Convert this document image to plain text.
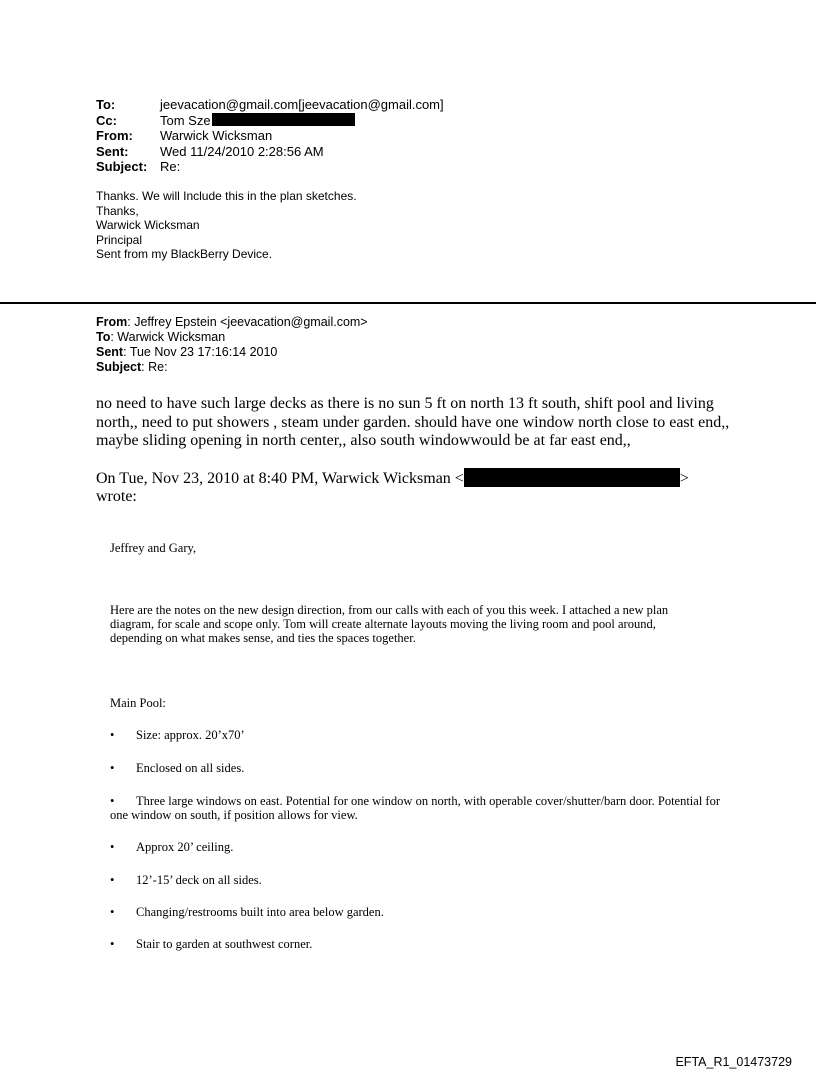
To:	jeevacation@gmail.com[jeevacation@gmail.com]
Cc:	Tom Sze
From:	Warwick Wicksman
Sent:	Wed 11/24/2010 2:28:56 AM
Subject: Re:
Thanks. We will Include this in the plan sketches.
Thanks,
Warwick Wicksman
Principal
Sent from my BlackBerry Device.
From: Jeffrey Epstein <jeevacation@gmail.com>
To: Warwick Wicksman
Sent: Tue Nov 23 17:16:14 2010
Subject: Re:
no need to have such large decks as there is no sun 5 ft on north 13 ft south, shift pool and living north,, need to put showers , steam under garden. should have one window north close to east end,, maybe sliding opening in north center,, also south windowwould be at far east end,,
On Tue, Nov 23, 2010 at 8:40 PM, Warwick Wicksman <	>
wrote:
Jeffrey and Gary,
Here are the notes on the new design direction, from our calls with each of you this week. I attached a new plan diagram, for scale and scope only. Tom will create alternate layouts moving the living room and pool around, depending on what makes sense, and ties the spaces together.
Main Pool:
• Size: approx. 20’x70’
• Enclosed on all sides.
• Three large windows on east. Potential for one window on north, with operable cover/shutter/barn door. Potential for one window on south, if position allows for view.
• Approx 20’ ceiling.
• 12’-15’ deck on all sides.
• Changing/restrooms built into area below garden.
• Stair to garden at southwest corner.
EFTA_R1_01473729
